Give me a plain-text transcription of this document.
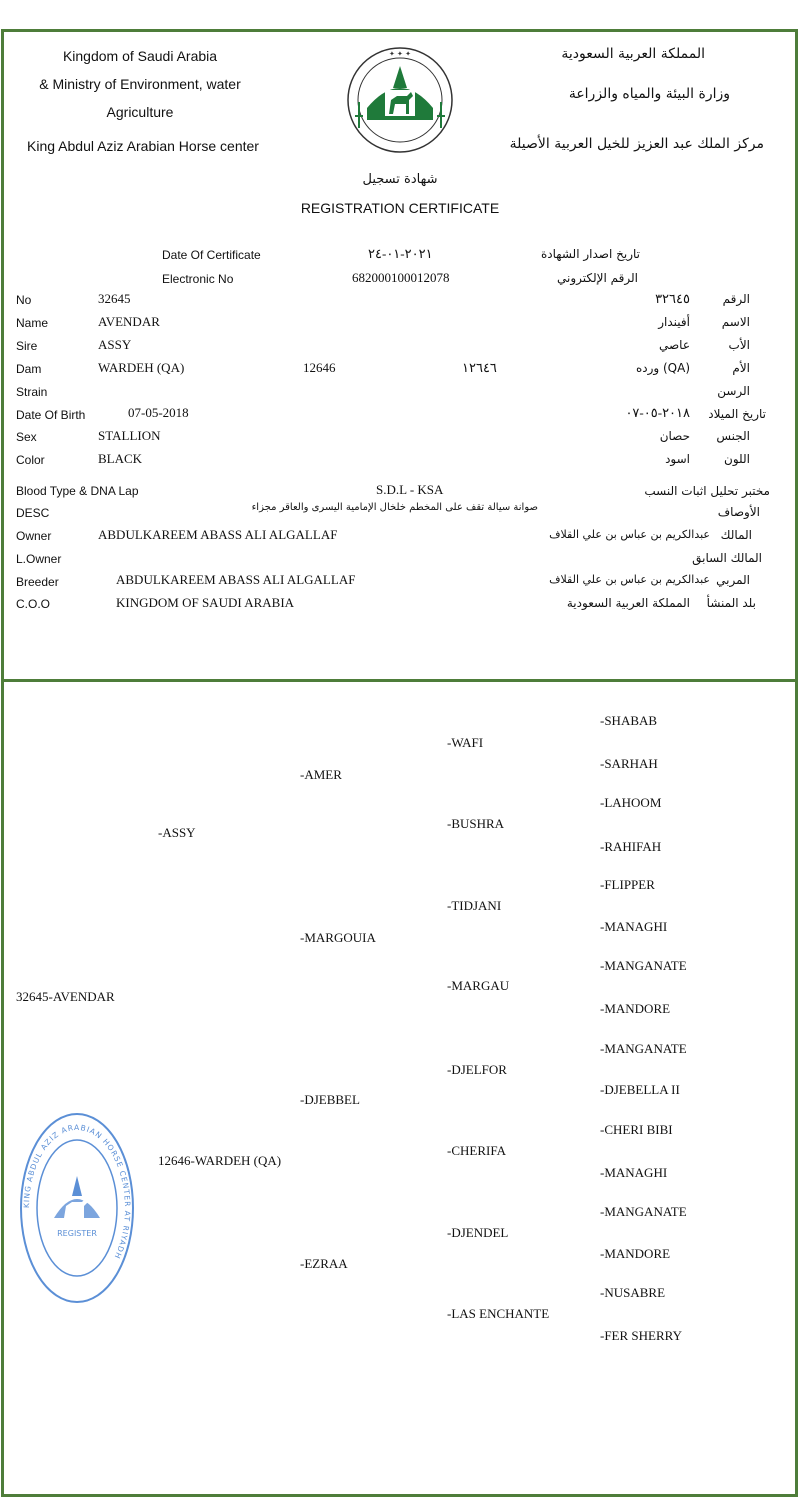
Kingdom of Saudi Arabia
& Ministry of Environment, water
Agriculture
King Abdul Aziz Arabian Horse center
المملكة العربية السعودية
وزارة البيئة والمياه والزراعة
مركز الملك عبد العزيز للخيل العربية الأصيلة
✦ ✦ ✦
شهادة تسجيل
REGISTRATION CERTIFICATE
Date Of Certificate	٢٠٢١-٠١-٢٤	تاريخ اصدار الشهادة
Electronic No	682000100012078	الرقم الإلكتروني
No	32645	٣٢٦٤٥	الرقم
Name	AVENDAR	أفيندار	الاسم
Sire	ASSY	عاصي	الأب
Dam	WARDEH (QA)	12646	١٢٦٤٦	(QA) ورده	الأم
Strain	الرسن
Date Of Birth	07-05-2018	٢٠١٨-٠٥-٠٧ تاريخ الميلاد
Sex	STALLION	حصان الجنس
Color	BLACK	اسود	اللون
Blood Type & DNA Lap	S.D.L - KSA	مختبر تحليل اثبات النسب
DESC	صوانة سيالة تقف على المخطم خلخال الإمامية اليسرى والعاقر مجزاء	الأوصاف
Owner	ABDULKAREEM ABASS ALI ALGALLAF	عبدالكريم بن عباس بن علي القلاف المالك
L.Owner	المالك السابق
Breeder	ABDULKAREEM ABASS ALI ALGALLAF	عبدالكريم بن عباس بن علي القلاف المربي
C.O.O	KINGDOM OF SAUDI ARABIA	المملكة العربية السعودية بلد المنشأ
32645-AVENDAR
-ASSY
12646-WARDEH (QA)
-AMER
-MARGOUIA
-DJEBBEL
-EZRAA
-WAFI
-BUSHRA
-TIDJANI
-MARGAU
-DJELFOR
-CHERIFA
-DJENDEL
-LAS ENCHANTE
-SHABAB
-SARHAH
-LAHOOM
-RAHIFAH
-FLIPPER
-MANAGHI
-MANGANATE
-MANDORE
-MANGANATE
-DJEBELLA II
-CHERI BIBI
-MANAGHI
-MANGANATE
-MANDORE
-NUSABRE
-FER SHERRY
KING ABDUL AZIZ ARABIAN HORSE CENTER AT RIYADH
REGISTER
